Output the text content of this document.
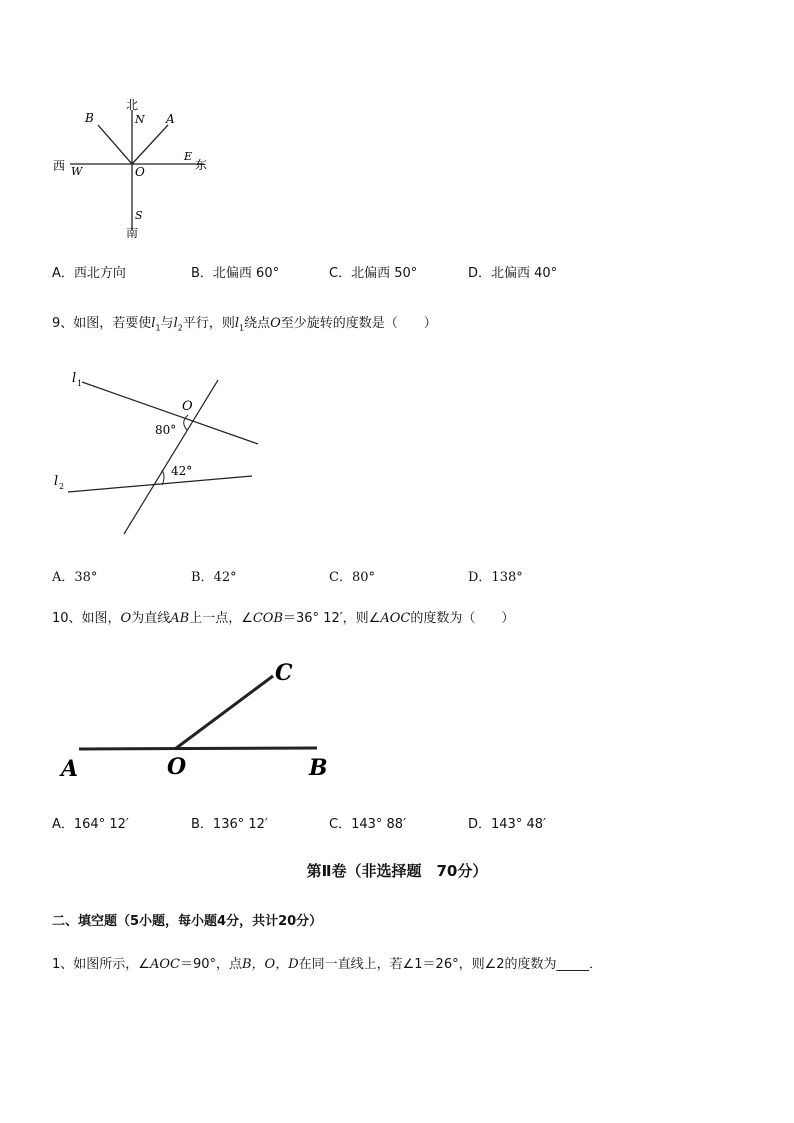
北
N A
B
西 W	O
E
东
S
南
A．西北方向	B．北偏西 60°	C．北偏西 50°	D．北偏西 40°
9、如图，若要使$l_1$与$l_2$平行，则$l_1$绕点O至少旋转的度数是（　　）
l 1
l 2
O
80°
42°
A．38°	B．42°	C．80°	D．138°
10、如图，O为直线AB上一点，∠COB＝36° 12′，则∠AOC的度数为（　　）
A	O	B
C
A．164° 12′	B．136° 12′	C．143° 88′	D．143° 48′
第Ⅱ卷（非选择题　70分）
二、填空题（5小题，每小题4分，共计20分）
1、如图所示，∠AOC＝90°，点B，O，D在同一直线上，若∠1＝26°，则∠2的度数为_____．
